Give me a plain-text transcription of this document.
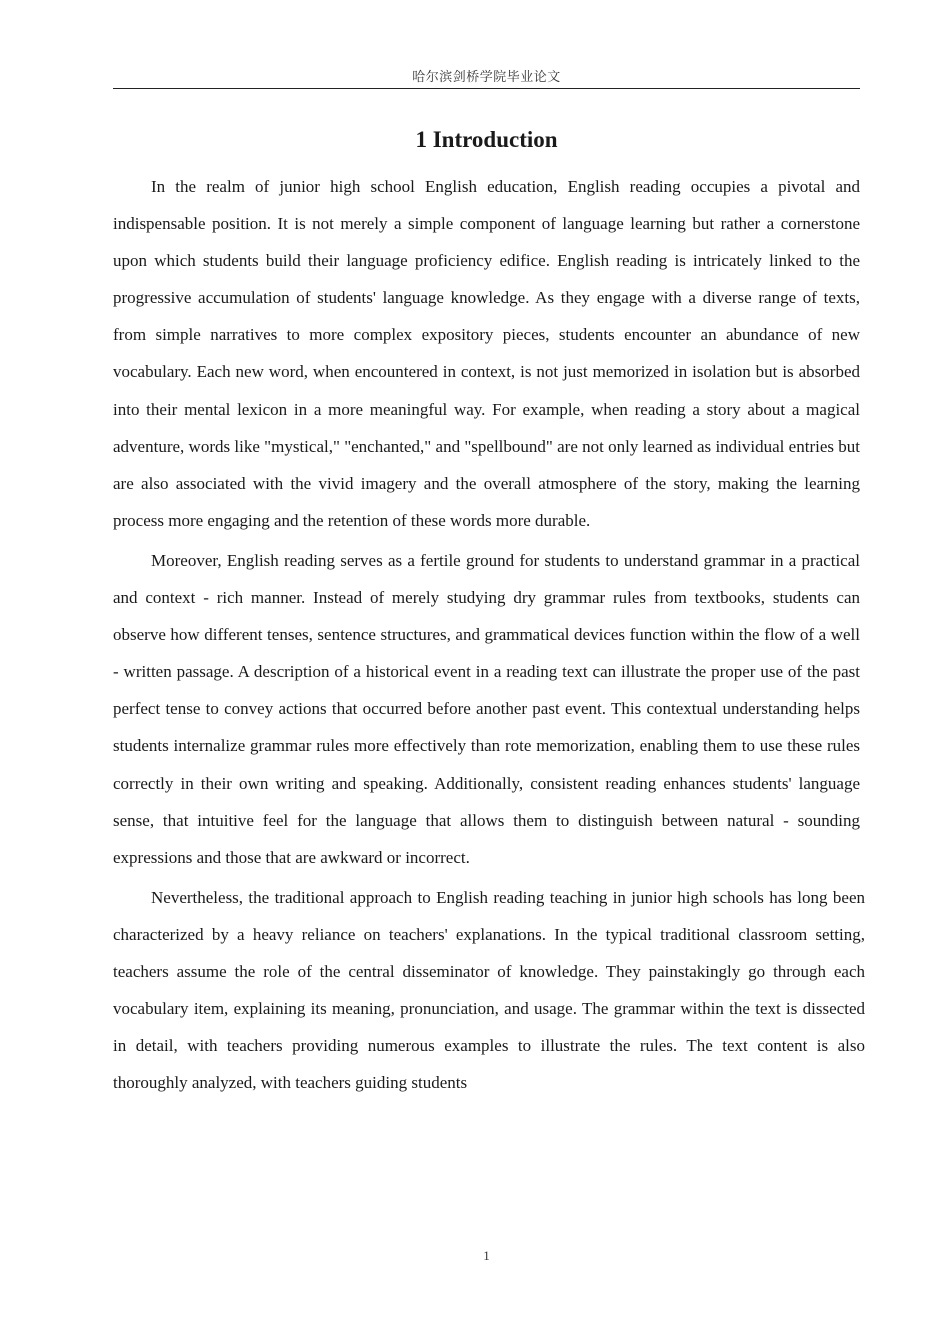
哈尔滨剑桥学院毕业论文
1 Introduction

In the realm of junior high school English education, English reading occupies a pivotal and indispensable position. It is not merely a simple component of language learning but rather a cornerstone upon which students build their language proficiency edifice. English reading is intricately linked to the progressive accumulation of students' language knowledge. As they engage with a diverse range of texts, from simple narratives to more complex expository pieces, students encounter an abundance of new vocabulary. Each new word, when encountered in context, is not just memorized in isolation but is absorbed into their mental lexicon in a more meaningful way. For example, when reading a story about a magical adventure, words like "mystical," "enchanted," and "spellbound" are not only learned as individual entries but are also associated with the vivid imagery and the overall atmosphere of the story, making the learning process more engaging and the retention of these words more durable.

Moreover, English reading serves as a fertile ground for students to understand grammar in a practical and context - rich manner. Instead of merely studying dry grammar rules from textbooks, students can observe how different tenses, sentence structures, and grammatical devices function within the flow of a well - written passage. A description of a historical event in a reading text can illustrate the proper use of the past perfect tense to convey actions that occurred before another past event. This contextual understanding helps students internalize grammar rules more effectively than rote memorization, enabling them to use these rules correctly in their own writing and speaking. Additionally, consistent reading enhances students' language sense, that intuitive feel for the language that allows them to distinguish between natural - sounding expressions and those that are awkward or incorrect.

Nevertheless, the traditional approach to English reading teaching in junior high schools has long been characterized by a heavy reliance on teachers' explanations. In the typical traditional classroom setting, teachers assume the role of the central disseminator of knowledge. They painstakingly go through each vocabulary item, explaining its meaning, pronunciation, and usage. The grammar within the text is dissected in detail, with teachers providing numerous examples to illustrate the rules. The text content is also thoroughly analyzed, with teachers guiding students

1
